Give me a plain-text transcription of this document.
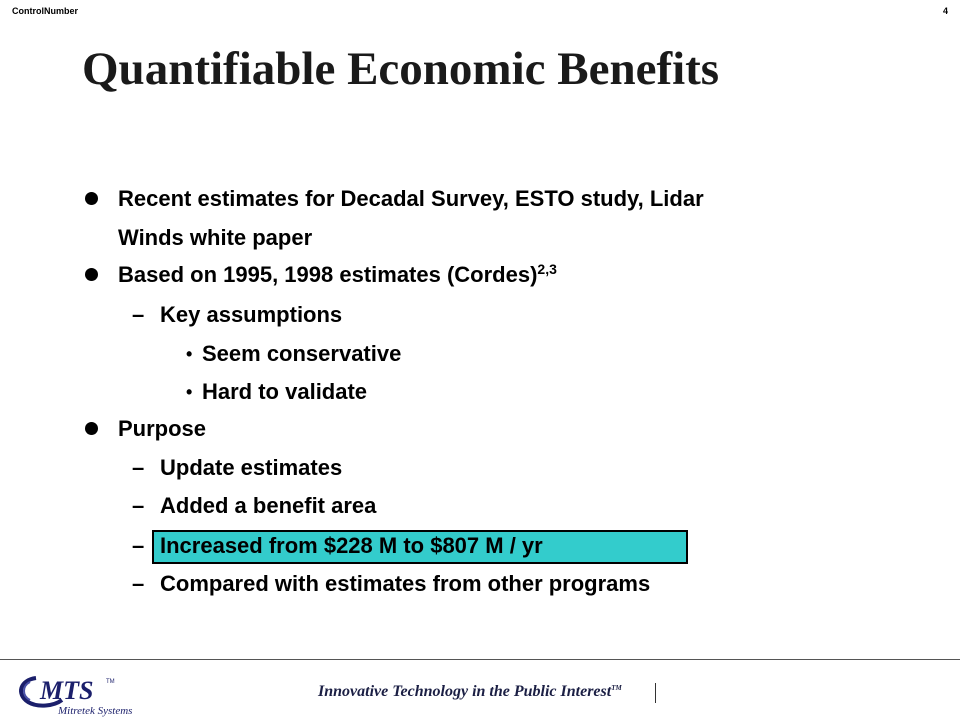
ControlNumber	4
Quantifiable Economic Benefits
Recent estimates for Decadal Survey, ESTO study, Lidar
Winds white paper
Based on 1995, 1998 estimates (Cordes)$^{2,3}$
– Key assumptions
• Seem conservative
• Hard to validate
Purpose
– Update estimates
– Added a benefit area
– Increased from $228 M to $807 M / yr
– Compared with estimates from other programs
MTS TM
Mitretek Systems
Innovative Technology in the Public Interest™
